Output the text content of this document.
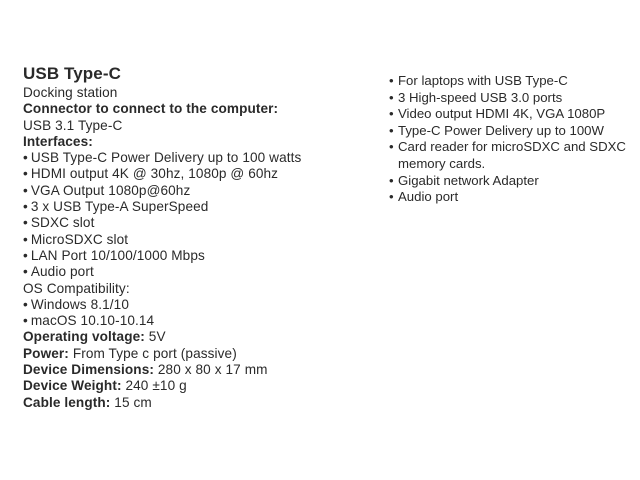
USB Type-C
Docking station
Connector to connect to the computer:
USB 3.1 Type-C
Interfaces:
• USB Type-C Power Delivery up to 100 watts
• HDMI output 4K @ 30hz, 1080p @ 60hz
• VGA Output 1080p@60hz
• 3 x USB Type-A SuperSpeed
• SDXC slot
• MicroSDXC slot
• LAN Port 10/100/1000 Mbps
• Audio port
OS Compatibility:
• Windows 8.1/10
• macOS 10.10-10.14
Operating voltage: 5V
Power: From Type c port (passive)
Device Dimensions: 280 x 80 x 17 mm
Device Weight: 240 ±10 g
Cable length: 15 cm
• For laptops with USB Type-C
• 3 High-speed USB 3.0 ports
• Video output HDMI 4K, VGA 1080P
• Type-C Power Delivery up to 100W
• Card reader for microSDXC and SDXC memory cards.
• Gigabit network Adapter
• Audio port
